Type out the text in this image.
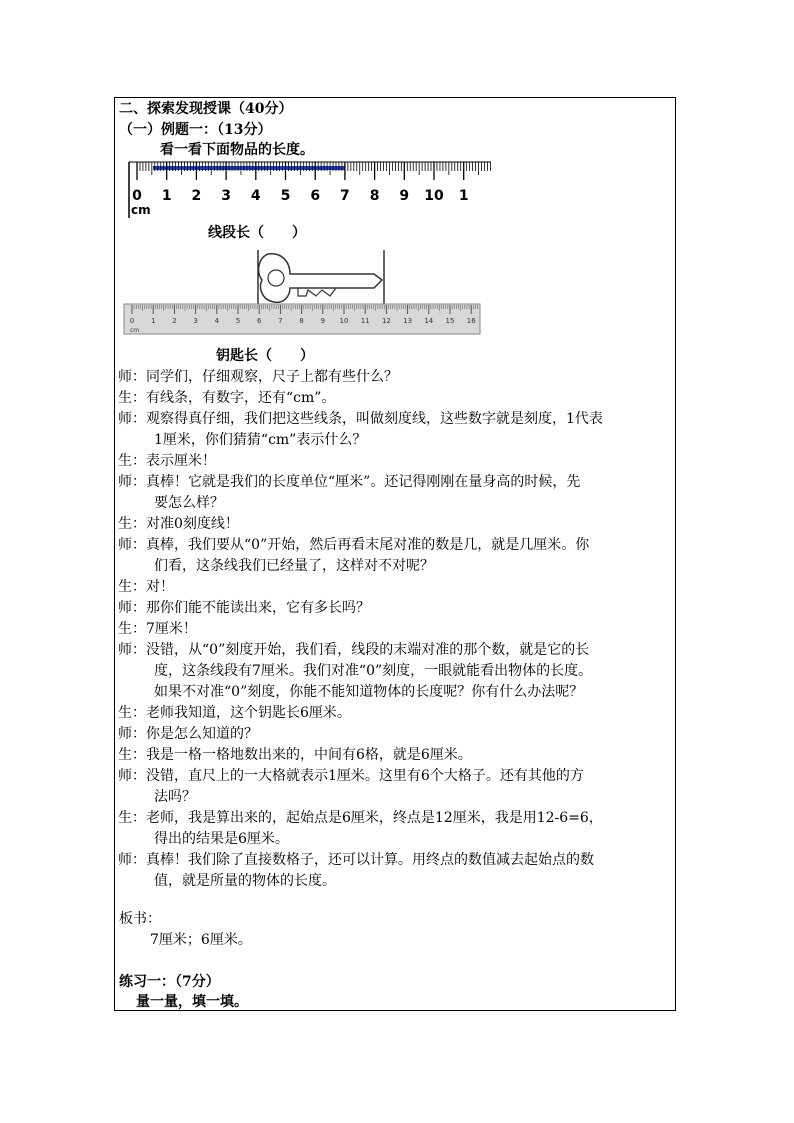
二、探索发现授课（40分）
（一）例题一：（13分）
看一看下面物品的长度。
0 1 2 3 4 5 6 7 8 9 10 1
cm
线段长（　　）
0 1 2 3 4 5 6 7 8 9 10 11 12 13 14 15 16
cm
钥匙长（　　）
师： 同学们，仔细观察，尺子上都有些什么？
生： 有线条，有数字，还有“cm”。
师： 观察得真仔细，我们把这些线条，叫做刻度线，这些数字就是刻度，1代表
1厘米，你们猜猜“cm”表示什么？
生： 表示厘米！
师： 真棒！它就是我们的长度单位“厘米”。还记得刚刚在量身高的时候，先
要怎么样？
生： 对准0刻度线！
师： 真棒，我们要从“0”开始，然后再看末尾对准的数是几，就是几厘米。你
们看，这条线我们已经量了，这样对不对呢？
生： 对！
师： 那你们能不能读出来，它有多长吗？
生： 7厘米！
师： 没错，从“0”刻度开始，我们看，线段的末端对准的那个数，就是它的长
度，这条线段有7厘米。我们对准“0”刻度，一眼就能看出物体的长度。
如果不对准“0”刻度，你能不能知道物体的长度呢？你有什么办法呢？
生： 老师我知道，这个钥匙长6厘米。
师： 你是怎么知道的？
生： 我是一格一格地数出来的，中间有6格，就是6厘米。
师： 没错，直尺上的一大格就表示1厘米。这里有6个大格子。还有其他的方
法吗？
生： 老师，我是算出来的，起始点是6厘米，终点是12厘米，我是用12-6=6，
得出的结果是6厘米。
师： 真棒！我们除了直接数格子，还可以计算。用终点的数值减去起始点的数
值，就是所量的物体的长度。
板书：
7厘米；6厘米。
练习一：（7分）
量一量，填一填。
